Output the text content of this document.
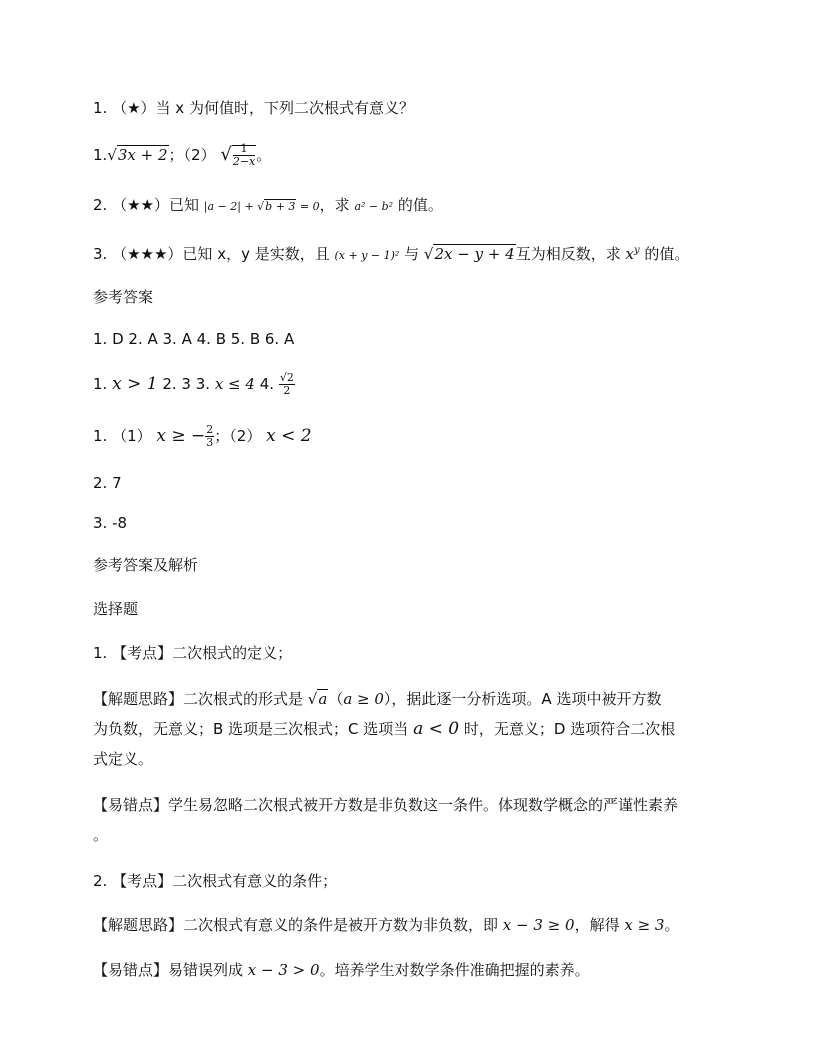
1. （★）当 x 为何值时，下列二次根式有意义？
1.√3x + 2；（2） √ $\frac{1}{2-x}$ 。
2. （★★）已知 |a − 2| + √b + 3 = 0，求 a² − b² 的值。
3. （★★★）已知 x，y 是实数，且 (x + y − 1)² 与 √2x − y + 4互为相反数，求 $x^y$ 的值。
参考答案
1. D 2. A 3. A 4. B 5. B 6. A
1. x > 1 2. 3 3. x ≤ 4 4. $\frac{√2}{2}$
1. （1） x ≥ − $\frac{2}{3}$ ；（2） x < 2
2. 7
3. -8
参考答案及解析
选择题
1. 【考点】二次根式的定义；
【解题思路】二次根式的形式是 √a（a ≥ 0），据此逐一分析选项。A 选项中被开方数
为负数，无意义；B 选项是三次根式；C 选项当 a < 0 时，无意义；D 选项符合二次根
式定义。
【易错点】学生易忽略二次根式被开方数是非负数这一条件。体现数学概念的严谨性素养
。
2. 【考点】二次根式有意义的条件；
【解题思路】二次根式有意义的条件是被开方数为非负数，即 x − 3 ≥ 0，解得 x ≥ 3。
【易错点】易错误列成 x − 3 > 0。培养学生对数学条件准确把握的素养。
